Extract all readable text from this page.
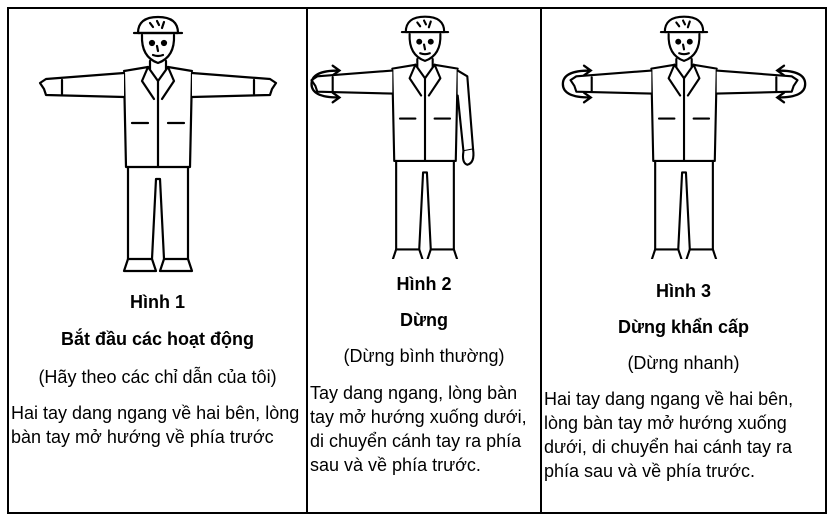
Hình 1
Bắt đầu các hoạt động
(Hãy theo các chỉ dẫn của tôi)
Hai tay dang ngang về hai bên, lòng bàn tay mở hướng về phía trước
Hình 2
Dừng
(Dừng bình thường)
Tay dang ngang, lòng bàn tay mở hướng xuống dưới, di chuyển cánh tay ra phía sau và về phía trước.
Hình 3
Dừng khẩn cấp
(Dừng nhanh)
Hai tay dang ngang về hai bên, lòng bàn tay mở hướng xuống dưới, di chuyển hai cánh tay ra phía sau và về phía trước.
